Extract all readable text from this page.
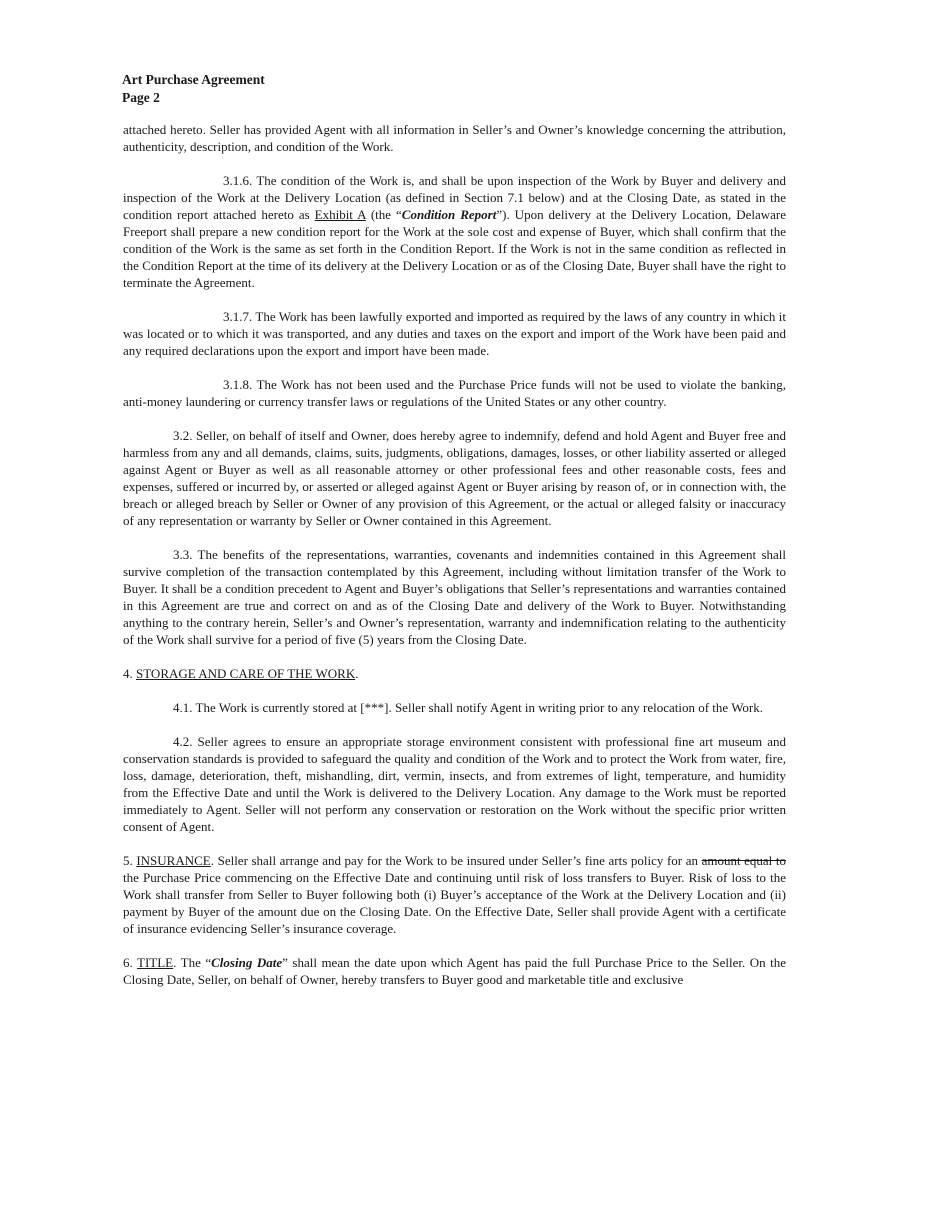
Art Purchase Agreement
Page 2

attached hereto. Seller has provided Agent with all information in Seller’s and Owner’s knowledge concerning the attribution, authenticity, description, and condition of the Work.

3.1.6. The condition of the Work is, and shall be upon inspection of the Work by Buyer and delivery and inspection of the Work at the Delivery Location (as defined in Section 7.1 below) and at the Closing Date, as stated in the condition report attached hereto as Exhibit A (the “Condition Report”). Upon delivery at the Delivery Location, Delaware Freeport shall prepare a new condition report for the Work at the sole cost and expense of Buyer, which shall confirm that the condition of the Work is the same as set forth in the Condition Report. If the Work is not in the same condition as reflected in the Condition Report at the time of its delivery at the Delivery Location or as of the Closing Date, Buyer shall have the right to terminate the Agreement.

3.1.7. The Work has been lawfully exported and imported as required by the laws of any country in which it was located or to which it was transported, and any duties and taxes on the export and import of the Work have been paid and any required declarations upon the export and import have been made.

3.1.8. The Work has not been used and the Purchase Price funds will not be used to violate the banking, anti-money laundering or currency transfer laws or regulations of the United States or any other country.

3.2. Seller, on behalf of itself and Owner, does hereby agree to indemnify, defend and hold Agent and Buyer free and harmless from any and all demands, claims, suits, judgments, obligations, damages, losses, or other liability asserted or alleged against Agent or Buyer as well as all reasonable attorney or other professional fees and other reasonable costs, fees and expenses, suffered or incurred by, or asserted or alleged against Agent or Buyer arising by reason of, or in connection with, the breach or alleged breach by Seller or Owner of any provision of this Agreement, or the actual or alleged falsity or inaccuracy of any representation or warranty by Seller or Owner contained in this Agreement.

3.3. The benefits of the representations, warranties, covenants and indemnities contained in this Agreement shall survive completion of the transaction contemplated by this Agreement, including without limitation transfer of the Work to Buyer. It shall be a condition precedent to Agent and Buyer’s obligations that Seller’s representations and warranties contained in this Agreement are true and correct on and as of the Closing Date and delivery of the Work to Buyer. Notwithstanding anything to the contrary herein, Seller’s and Owner’s representation, warranty and indemnification relating to the authenticity of the Work shall survive for a period of five (5) years from the Closing Date.

4. STORAGE AND CARE OF THE WORK.

4.1. The Work is currently stored at [***]. Seller shall notify Agent in writing prior to any relocation of the Work.

4.2. Seller agrees to ensure an appropriate storage environment consistent with professional fine art museum and conservation standards is provided to safeguard the quality and condition of the Work and to protect the Work from water, fire, loss, damage, deterioration, theft, mishandling, dirt, vermin, insects, and from extremes of light, temperature, and humidity from the Effective Date and until the Work is delivered to the Delivery Location. Any damage to the Work must be reported immediately to Agent. Seller will not perform any conservation or restoration on the Work without the specific prior written consent of Agent.

5. INSURANCE. Seller shall arrange and pay for the Work to be insured under Seller’s fine arts policy for an amount equal to the Purchase Price commencing on the Effective Date and continuing until risk of loss transfers to Buyer. Risk of loss to the Work shall transfer from Seller to Buyer following both (i) Buyer’s acceptance of the Work at the Delivery Location and (ii) payment by Buyer of the amount due on the Closing Date. On the Effective Date, Seller shall provide Agent with a certificate of insurance evidencing Seller’s insurance coverage.

6. TITLE. The “Closing Date” shall mean the date upon which Agent has paid the full Purchase Price to the Seller. On the Closing Date, Seller, on behalf of Owner, hereby transfers to Buyer good and marketable title and exclusive
